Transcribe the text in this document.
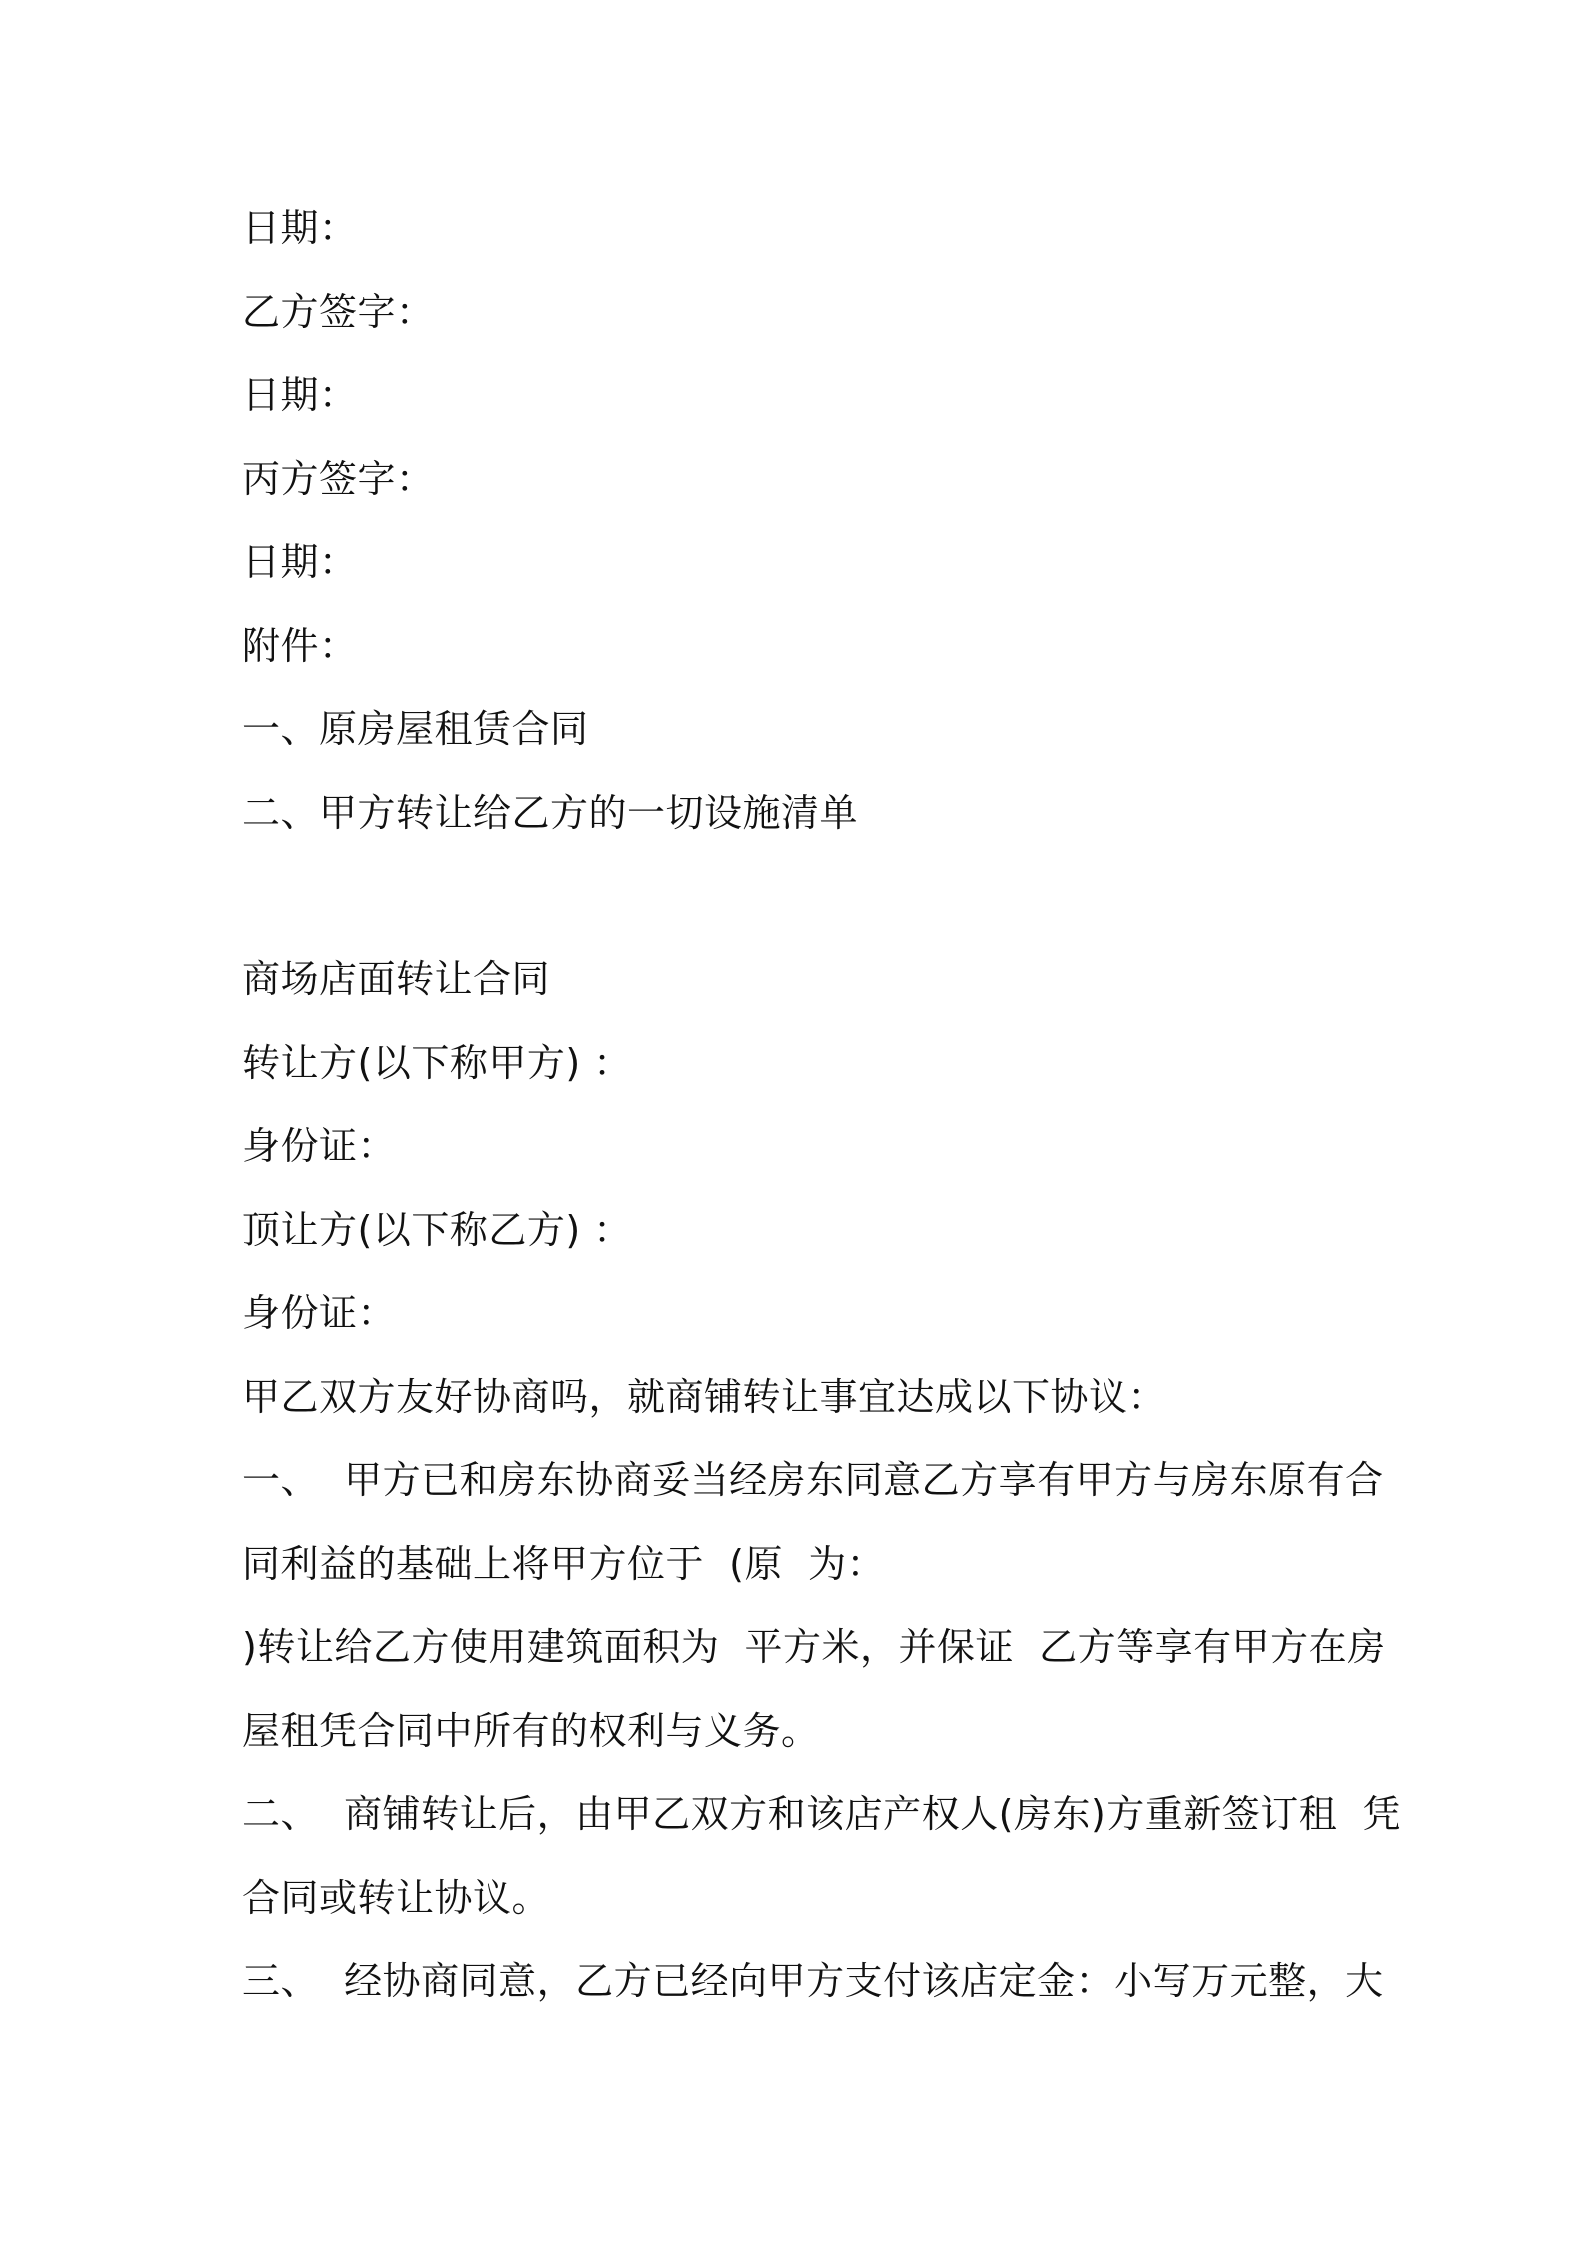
日期：
乙方签字：
日期：
丙方签字：
日期：
附件：
一、原房屋租赁合同
二、甲方转让给乙方的一切设施清单
商场店面转让合同
转让方(以下称甲方) ：
身份证：
顶让方(以下称乙方) ：
身份证：
甲乙双方友好协商吗，就商铺转让事宜达成以下协议：
一、  甲方已和房东协商妥当经房东同意乙方享有甲方与房东原有合
同利益的基础上将甲方位于  (原  为：
)转让给乙方使用建筑面积为  平方米，并保证  乙方等享有甲方在房
屋租凭合同中所有的权利与义务。
二、  商铺转让后，由甲乙双方和该店产权人(房东)方重新签订租  凭
合同或转让协议。
三、  经协商同意，乙方已经向甲方支付该店定金：小写万元整，大
